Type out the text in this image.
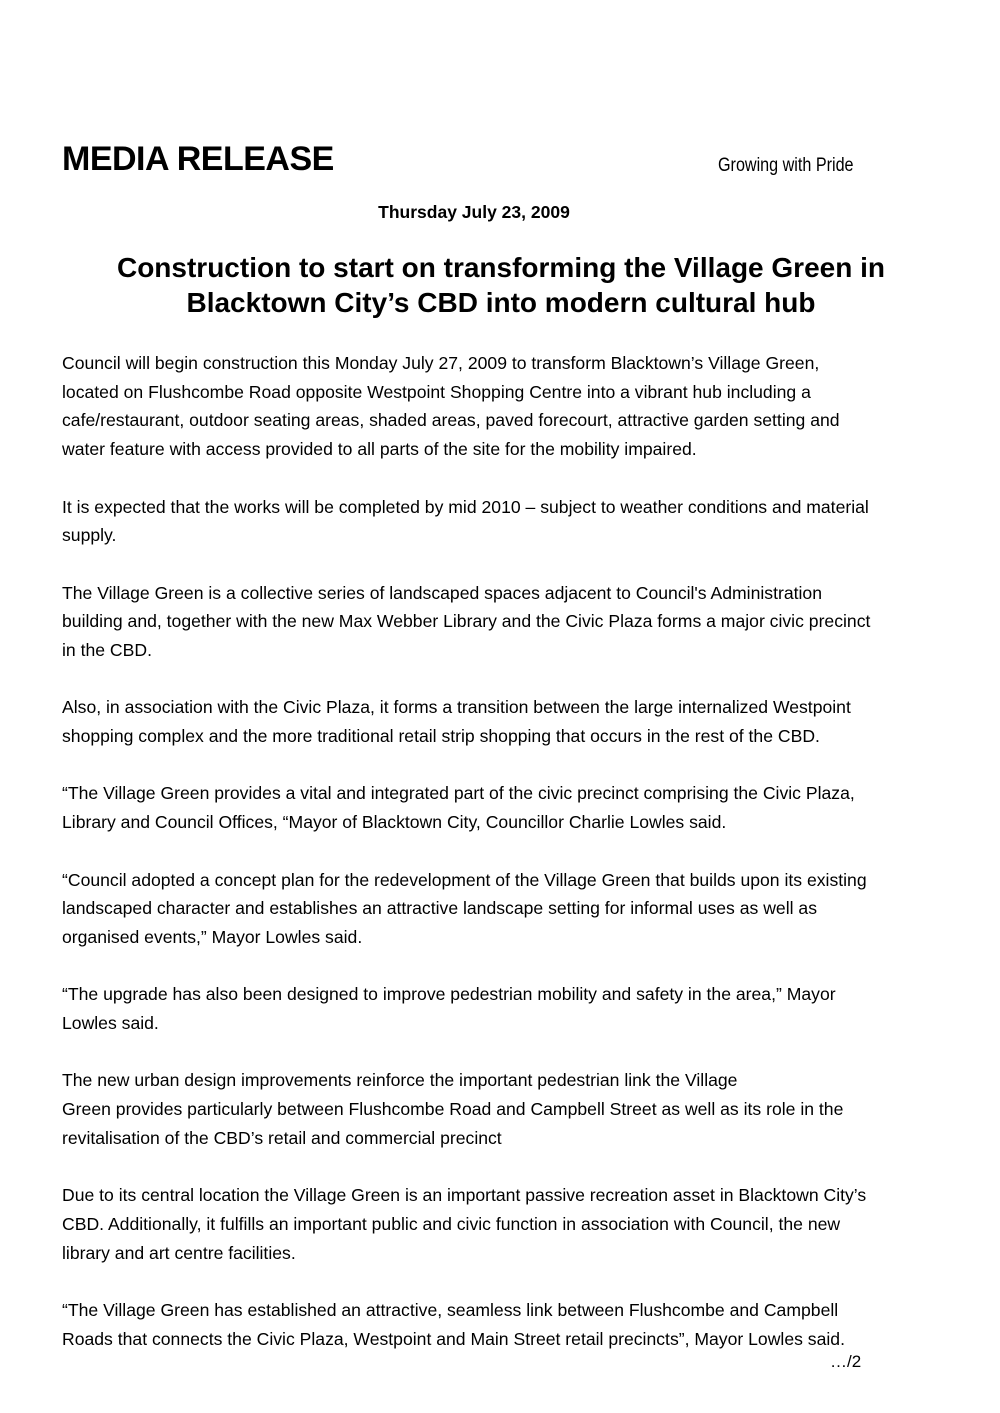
MEDIA RELEASE	Growing with Pride
Thursday July 23, 2009
Construction to start on transforming the Village Green in
Blacktown City’s CBD into modern cultural hub

Council will begin construction this Monday July 27, 2009 to transform Blacktown’s Village Green,
located on Flushcombe Road opposite Westpoint Shopping Centre into a vibrant hub including a
cafe/restaurant, outdoor seating areas, shaded areas, paved forecourt, attractive garden setting and
water feature with access provided to all parts of the site for the mobility impaired.

It is expected that the works will be completed by mid 2010 – subject to weather conditions and material
supply.

The Village Green is a collective series of landscaped spaces adjacent to Council's Administration
building and, together with the new Max Webber Library and the Civic Plaza forms a major civic precinct
in the CBD.

Also, in association with the Civic Plaza, it forms a transition between the large internalized Westpoint
shopping complex and the more traditional retail strip shopping that occurs in the rest of the CBD.

“The Village Green provides a vital and integrated part of the civic precinct comprising the Civic Plaza,
Library and Council Offices, “Mayor of Blacktown City, Councillor Charlie Lowles said.

“Council adopted a concept plan for the redevelopment of the Village Green that builds upon its existing
landscaped character and establishes an attractive landscape setting for informal uses as well as
organised events,” Mayor Lowles said.

“The upgrade has also been designed to improve pedestrian mobility and safety in the area,” Mayor
Lowles said.

The new urban design improvements reinforce the important pedestrian link the Village
Green provides particularly between Flushcombe Road and Campbell Street as well as its role in the
revitalisation of the CBD’s retail and commercial precinct

Due to its central location the Village Green is an important passive recreation asset in Blacktown City’s
CBD. Additionally, it fulfills an important public and civic function in association with Council, the new
library and art centre facilities.

“The Village Green has established an attractive, seamless link between Flushcombe and Campbell
Roads that connects the Civic Plaza, Westpoint and Main Street retail precincts”, Mayor Lowles said.

…/2
